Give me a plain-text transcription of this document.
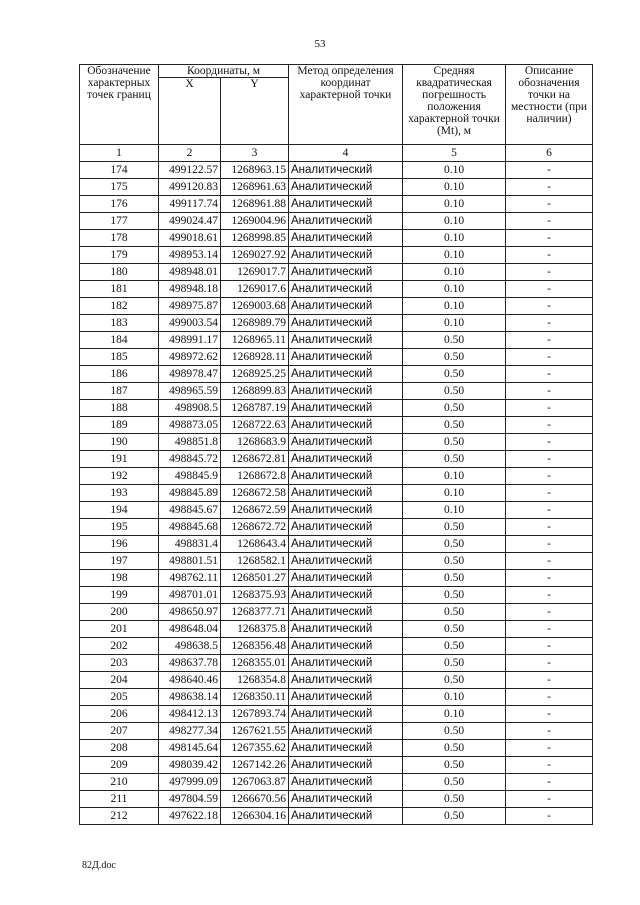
53
Обозначение характерных точек границ	Координаты, м		Метод определения координат характерной точки	Средняя квадратическая погрешность положения характерной точки (Mt), м	Описание обозначения точки на местности (при наличии)
	X	Y			
1	2	3	4	5	6
174	499122.57	1268963.15	Аналитический	0.10	-
175	499120.83	1268961.63	Аналитический	0.10	-
176	499117.74	1268961.88	Аналитический	0.10	-
177	499024.47	1269004.96	Аналитический	0.10	-
178	499018.61	1268998.85	Аналитический	0.10	-
179	498953.14	1269027.92	Аналитический	0.10	-
180	498948.01	1269017.7	Аналитический	0.10	-
181	498948.18	1269017.6	Аналитический	0.10	-
182	498975.87	1269003.68	Аналитический	0.10	-
183	499003.54	1268989.79	Аналитический	0.10	-
184	498991.17	1268965.11	Аналитический	0.50	-
185	498972.62	1268928.11	Аналитический	0.50	-
186	498978.47	1268925.25	Аналитический	0.50	-
187	498965.59	1268899.83	Аналитический	0.50	-
188	498908.5	1268787.19	Аналитический	0.50	-
189	498873.05	1268722.63	Аналитический	0.50	-
190	498851.8	1268683.9	Аналитический	0.50	-
191	498845.72	1268672.81	Аналитический	0.50	-
192	498845.9	1268672.8	Аналитический	0.10	-
193	498845.89	1268672.58	Аналитический	0.10	-
194	498845.67	1268672.59	Аналитический	0.10	-
195	498845.68	1268672.72	Аналитический	0.50	-
196	498831.4	1268643.4	Аналитический	0.50	-
197	498801.51	1268582.1	Аналитический	0.50	-
198	498762.11	1268501.27	Аналитический	0.50	-
199	498701.01	1268375.93	Аналитический	0.50	-
200	498650.97	1268377.71	Аналитический	0.50	-
201	498648.04	1268375.8	Аналитический	0.50	-
202	498638.5	1268356.48	Аналитический	0.50	-
203	498637.78	1268355.01	Аналитический	0.50	-
204	498640.46	1268354.8	Аналитический	0.50	-
205	498638.14	1268350.11	Аналитический	0.10	-
206	498412.13	1267893.74	Аналитический	0.10	-
207	498277.34	1267621.55	Аналитический	0.50	-
208	498145.64	1267355.62	Аналитический	0.50	-
209	498039.42	1267142.26	Аналитический	0.50	-
210	497999.09	1267063.87	Аналитический	0.50	-
211	497804.59	1266670.56	Аналитический	0.50	-
212	497622.18	1266304.16	Аналитический	0.50	-
82Д.doc
